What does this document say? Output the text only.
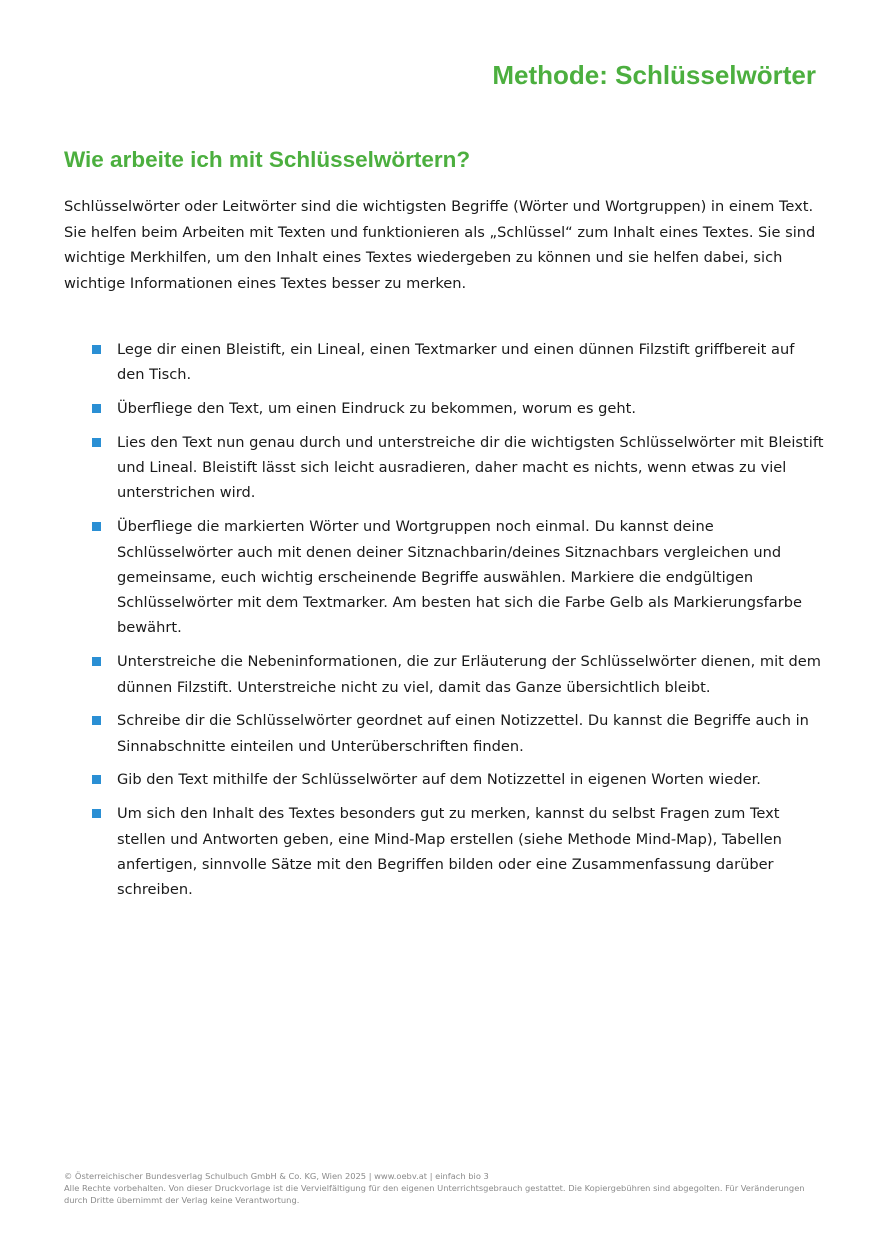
Methode: Schlüsselwörter
Wie arbeite ich mit Schlüsselwörtern?

Schlüsselwörter oder Leitwörter sind die wichtigsten Begriffe (Wörter und Wortgruppen) in einem Text. Sie helfen beim Arbeiten mit Texten und funktionieren als „Schlüssel“ zum Inhalt eines Textes. Sie sind wichtige Merkhilfen, um den Inhalt eines Textes wiedergeben zu können und sie helfen dabei, sich wichtige Informationen eines Textes besser zu merken.

Lege dir einen Bleistift, ein Lineal, einen Textmarker und einen dünnen Filzstift griffbereit auf den Tisch.
Überfliege den Text, um einen Eindruck zu bekommen, worum es geht.
Lies den Text nun genau durch und unterstreiche dir die wichtigsten Schlüsselwörter mit Bleistift und Lineal. Bleistift lässt sich leicht ausradieren, daher macht es nichts, wenn etwas zu viel unterstrichen wird.
Überfliege die markierten Wörter und Wortgruppen noch einmal. Du kannst deine Schlüsselwörter auch mit denen deiner Sitznachbarin/deines Sitznachbars vergleichen und gemeinsame, euch wichtig erscheinende Begriffe auswählen. Markiere die endgültigen Schlüsselwörter mit dem Textmarker. Am besten hat sich die Farbe Gelb als Markierungsfarbe bewährt.
Unterstreiche die Nebeninformationen, die zur Erläuterung der Schlüsselwörter dienen, mit dem dünnen Filzstift. Unterstreiche nicht zu viel, damit das Ganze übersichtlich bleibt.
Schreibe dir die Schlüsselwörter geordnet auf einen Notizzettel. Du kannst die Begriffe auch in Sinnabschnitte einteilen und Unterüberschriften finden.
Gib den Text mithilfe der Schlüsselwörter auf dem Notizzettel in eigenen Worten wieder.
Um sich den Inhalt des Textes besonders gut zu merken, kannst du selbst Fragen zum Text stellen und Antworten geben, eine Mind-Map erstellen (siehe Methode Mind-Map), Tabellen anfertigen, sinnvolle Sätze mit den Begriffen bilden oder eine Zusammenfassung darüber schreiben.

© Österreichischer Bundesverlag Schulbuch GmbH & Co. KG, Wien 2025 | www.oebv.at | einfach bio 3

Alle Rechte vorbehalten. Von dieser Druckvorlage ist die Vervielfältigung für den eigenen Unterrichtsgebrauch gestattet. Die Kopiergebühren sind abgegolten. Für Veränderungen durch Dritte übernimmt der Verlag keine Verantwortung.
